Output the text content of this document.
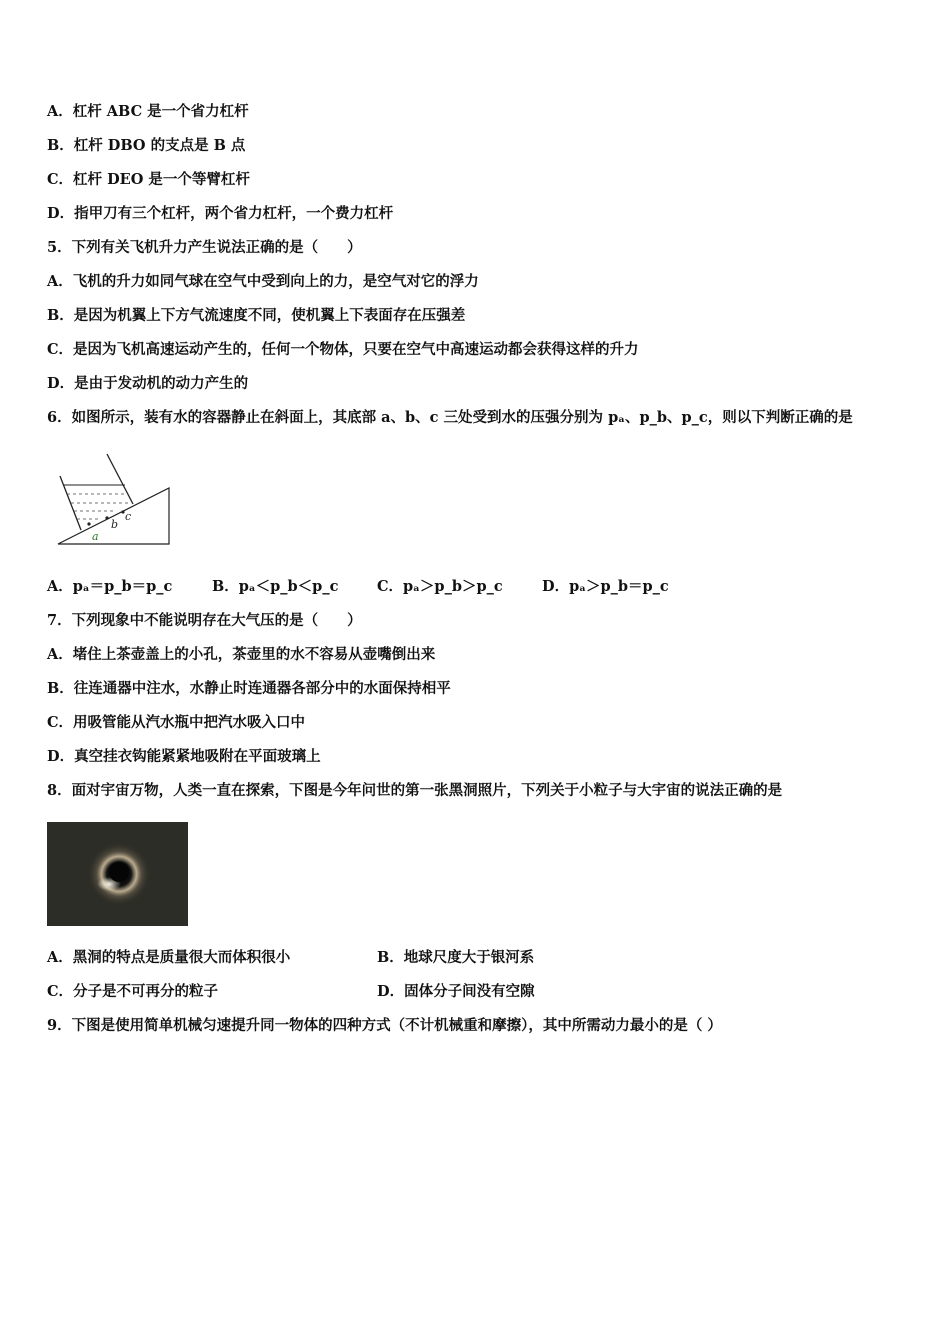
A．杠杆 ABC 是一个省力杠杆
B．杠杆 DBO 的支点是 B 点
C．杠杆 DEO 是一个等臂杠杆
D．指甲刀有三个杠杆，两个省力杠杆，一个费力杠杆
5．下列有关飞机升力产生说法正确的是（　　）
A．飞机的升力如同气球在空气中受到向上的力，是空气对它的浮力
B．是因为机翼上下方气流速度不同，使机翼上下表面存在压强差
C．是因为飞机高速运动产生的，任何一个物体，只要在空气中高速运动都会获得这样的升力
D．是由于发动机的动力产生的
6．如图所示，装有水的容器静止在斜面上，其底部 a、b、c 三处受到水的压强分别为 pₐ、p_b、p_c，则以下判断正确的是
a
b
c
A．pₐ＝p_b＝p_c	B．pₐ＜p_b＜p_c	C．pₐ＞p_b＞p_c	D．pₐ＞p_b＝p_c
7．下列现象中不能说明存在大气压的是（　　）
A．堵住上茶壶盖上的小孔，茶壶里的水不容易从壶嘴倒出来
B．往连通器中注水，水静止时连通器各部分中的水面保持相平
C．用吸管能从汽水瓶中把汽水吸入口中
D．真空挂衣钩能紧紧地吸附在平面玻璃上
8．面对宇宙万物，人类一直在探索，下图是今年问世的第一张黑洞照片，下列关于小粒子与大宇宙的说法正确的是
A．黑洞的特点是质量很大而体积很小	B．地球尺度大于银河系
C．分子是不可再分的粒子	D．固体分子间没有空隙
9．下图是使用简单机械匀速提升同一物体的四种方式（不计机械重和摩擦），其中所需动力最小的是（ ）
